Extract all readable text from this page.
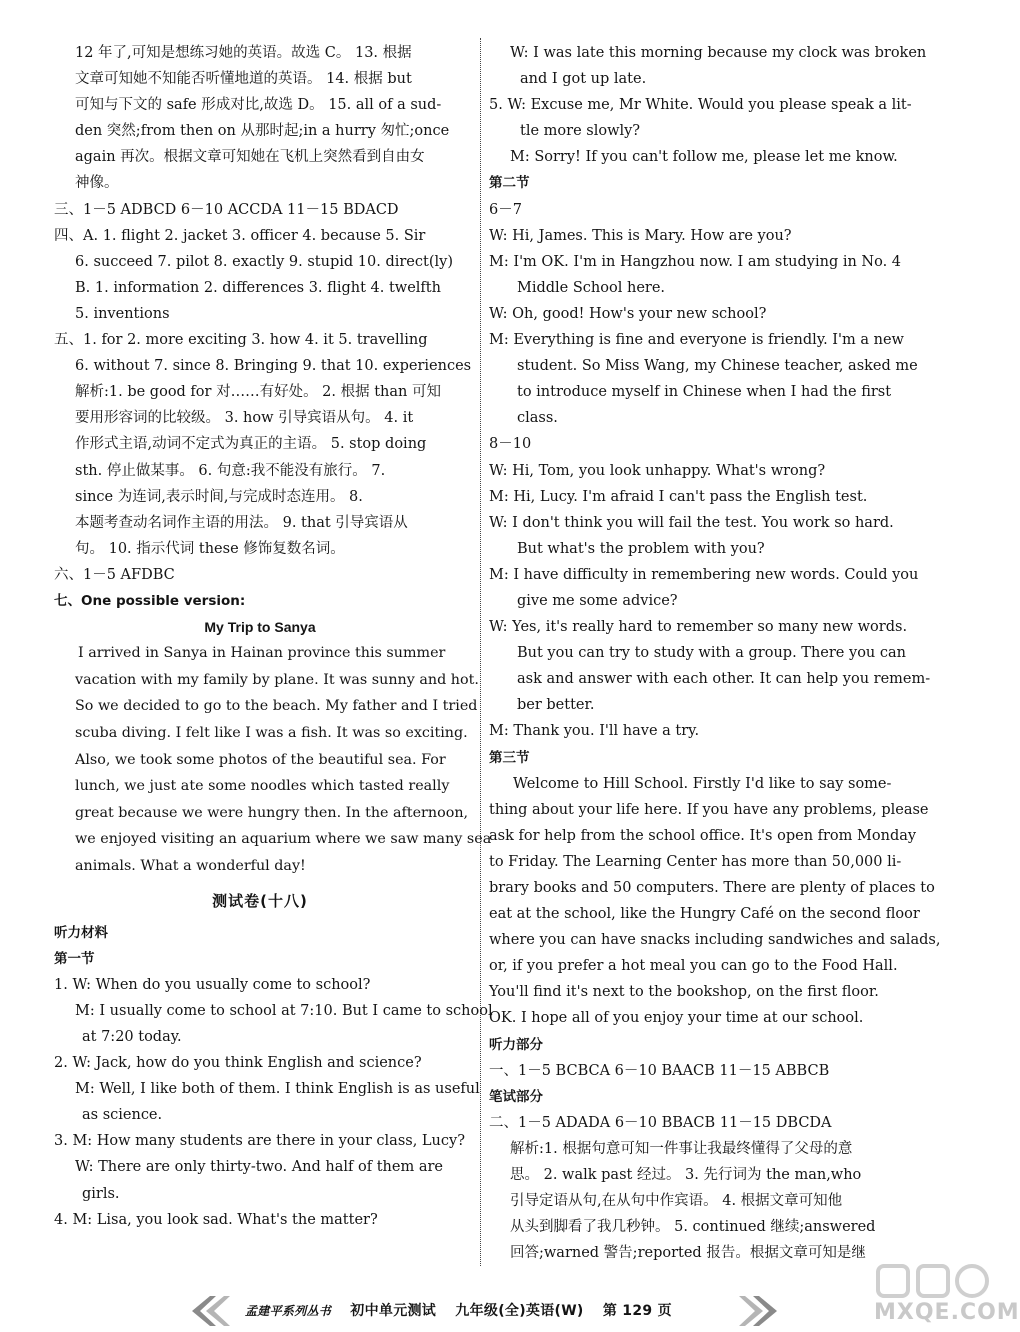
12 年了,可知是想练习她的英语。故选 C。 13. 根据
文章可知她不知能否听懂地道的英语。 14. 根据 but
可知与下文的 safe 形成对比,故选 D。 15. all of a sud-
den 突然;from then on 从那时起;in a hurry 匆忙;once
again 再次。根据文章可知她在飞机上突然看到自由女
神像。
三、1－5 ADBCD 6－10 ACCDA 11－15 BDACD
四、A. 1. flight 2. jacket 3. officer 4. because 5. Sir
6. succeed 7. pilot 8. exactly 9. stupid 10. direct(ly)
B. 1. information 2. differences 3. flight 4. twelfth
5. inventions
五、1. for 2. more exciting 3. how 4. it 5. travelling
6. without 7. since 8. Bringing 9. that 10. experiences
解析:1. be good for 对……有好处。 2. 根据 than 可知
要用形容词的比较级。 3. how 引导宾语从句。 4. it
作形式主语,动词不定式为真正的主语。 5. stop doing
sth. 停止做某事。 6. 句意:我不能没有旅行。 7.
since 为连词,表示时间,与完成时态连用。 8.
本题考查动名词作主语的用法。 9. that 引导宾语从
句。 10. 指示代词 these 修饰复数名词。
六、1－5 AFDBC
七、One possible version:
My Trip to Sanya
I arrived in Sanya in Hainan province this summer
vacation with my family by plane. It was sunny and hot.
So we decided to go to the beach. My father and I tried
scuba diving. I felt like I was a fish. It was so exciting.
Also, we took some photos of the beautiful sea. For
lunch, we just ate some noodles which tasted really
great because we were hungry then. In the afternoon,
we enjoyed visiting an aquarium where we saw many sea
animals. What a wonderful day!
测试卷(十八)
听力材料
第一节
1. W: When do you usually come to school?
M: I usually come to school at 7:10. But I came to school
at 7:20 today.
2. W: Jack, how do you think English and science?
M: Well, I like both of them. I think English is as useful
as science.
3. M: How many students are there in your class, Lucy?
W: There are only thirty-two. And half of them are
girls.
4. M: Lisa, you look sad. What's the matter?
W: I was late this morning because my clock was broken
and I got up late.
5. W: Excuse me, Mr White. Would you please speak a lit-
tle more slowly?
M: Sorry! If you can't follow me, please let me know.
第二节
6－7
W: Hi, James. This is Mary. How are you?
M: I'm OK. I'm in Hangzhou now. I am studying in No. 4
Middle School here.
W: Oh, good! How's your new school?
M: Everything is fine and everyone is friendly. I'm a new
student. So Miss Wang, my Chinese teacher, asked me
to introduce myself in Chinese when I had the first
class.
8－10
W: Hi, Tom, you look unhappy. What's wrong?
M: Hi, Lucy. I'm afraid I can't pass the English test.
W: I don't think you will fail the test. You work so hard.
But what's the problem with you?
M: I have difficulty in remembering new words. Could you
give me some advice?
W: Yes, it's really hard to remember so many new words.
But you can try to study with a group. There you can
ask and answer with each other. It can help you remem-
ber better.
M: Thank you. I'll have a try.
第三节
Welcome to Hill School. Firstly I'd like to say some-
thing about your life here. If you have any problems, please
ask for help from the school office. It's open from Monday
to Friday. The Learning Center has more than 50,000 li-
brary books and 50 computers. There are plenty of places to
eat at the school, like the Hungry Café on the second floor
where you can have snacks including sandwiches and salads,
or, if you prefer a hot meal you can go to the Food Hall.
You'll find it's next to the bookshop, on the first floor.
OK. I hope all of you enjoy your time at our school.
听力部分
一、1－5 BCBCA 6－10 BAACB 11－15 ABBCB
笔试部分
二、1－5 ADADA 6－10 BBACB 11－15 DBCDA
解析:1. 根据句意可知一件事让我最终懂得了父母的意
思。 2. walk past 经过。 3. 先行词为 the man,who
引导定语从句,在从句中作宾语。 4. 根据文章可知他
从头到脚看了我几秒钟。 5. continued 继续;answered
回答;warned 警告;reported 报告。根据文章可知是继
孟建平系列丛书 初中单元测试 九年级(全)英语(W) 第 129 页	MXQE.COM
